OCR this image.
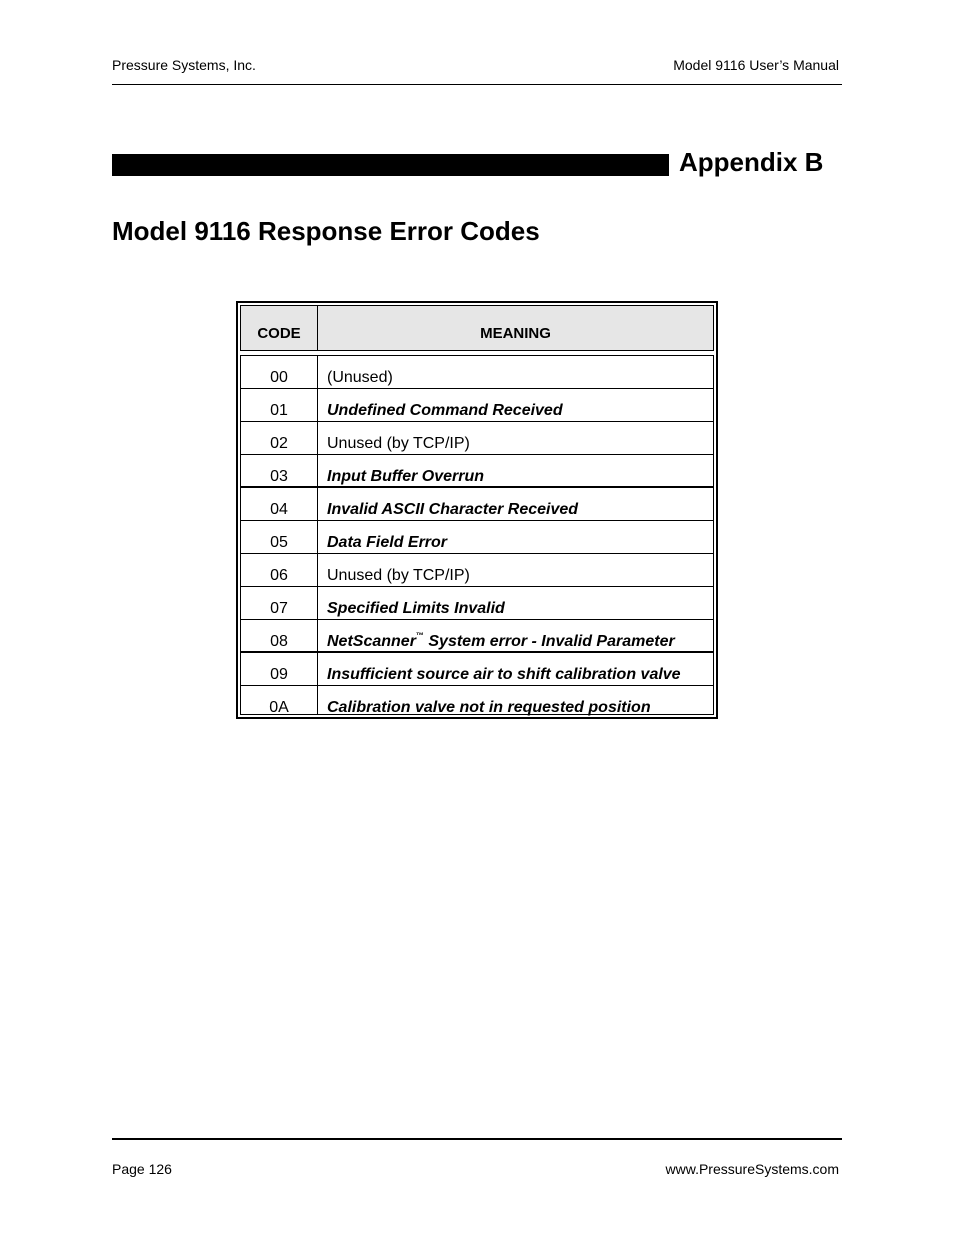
Pressure Systems, Inc.	Model 9116 User’s Manual
Appendix B
Model 9116 Response Error Codes
CODE	MEANING
00	(Unused)
01	Undefined Command Received
02	Unused (by TCP/IP)
03	Input Buffer Overrun
04	Invalid ASCII Character Received
05	Data Field Error
06	Unused (by TCP/IP)
07	Specified Limits Invalid
08	NetScanner™ System error - Invalid Parameter
09	Insufficient source air to shift calibration valve
0A	Calibration valve not in requested position
Page 126	www.PressureSystems.com
